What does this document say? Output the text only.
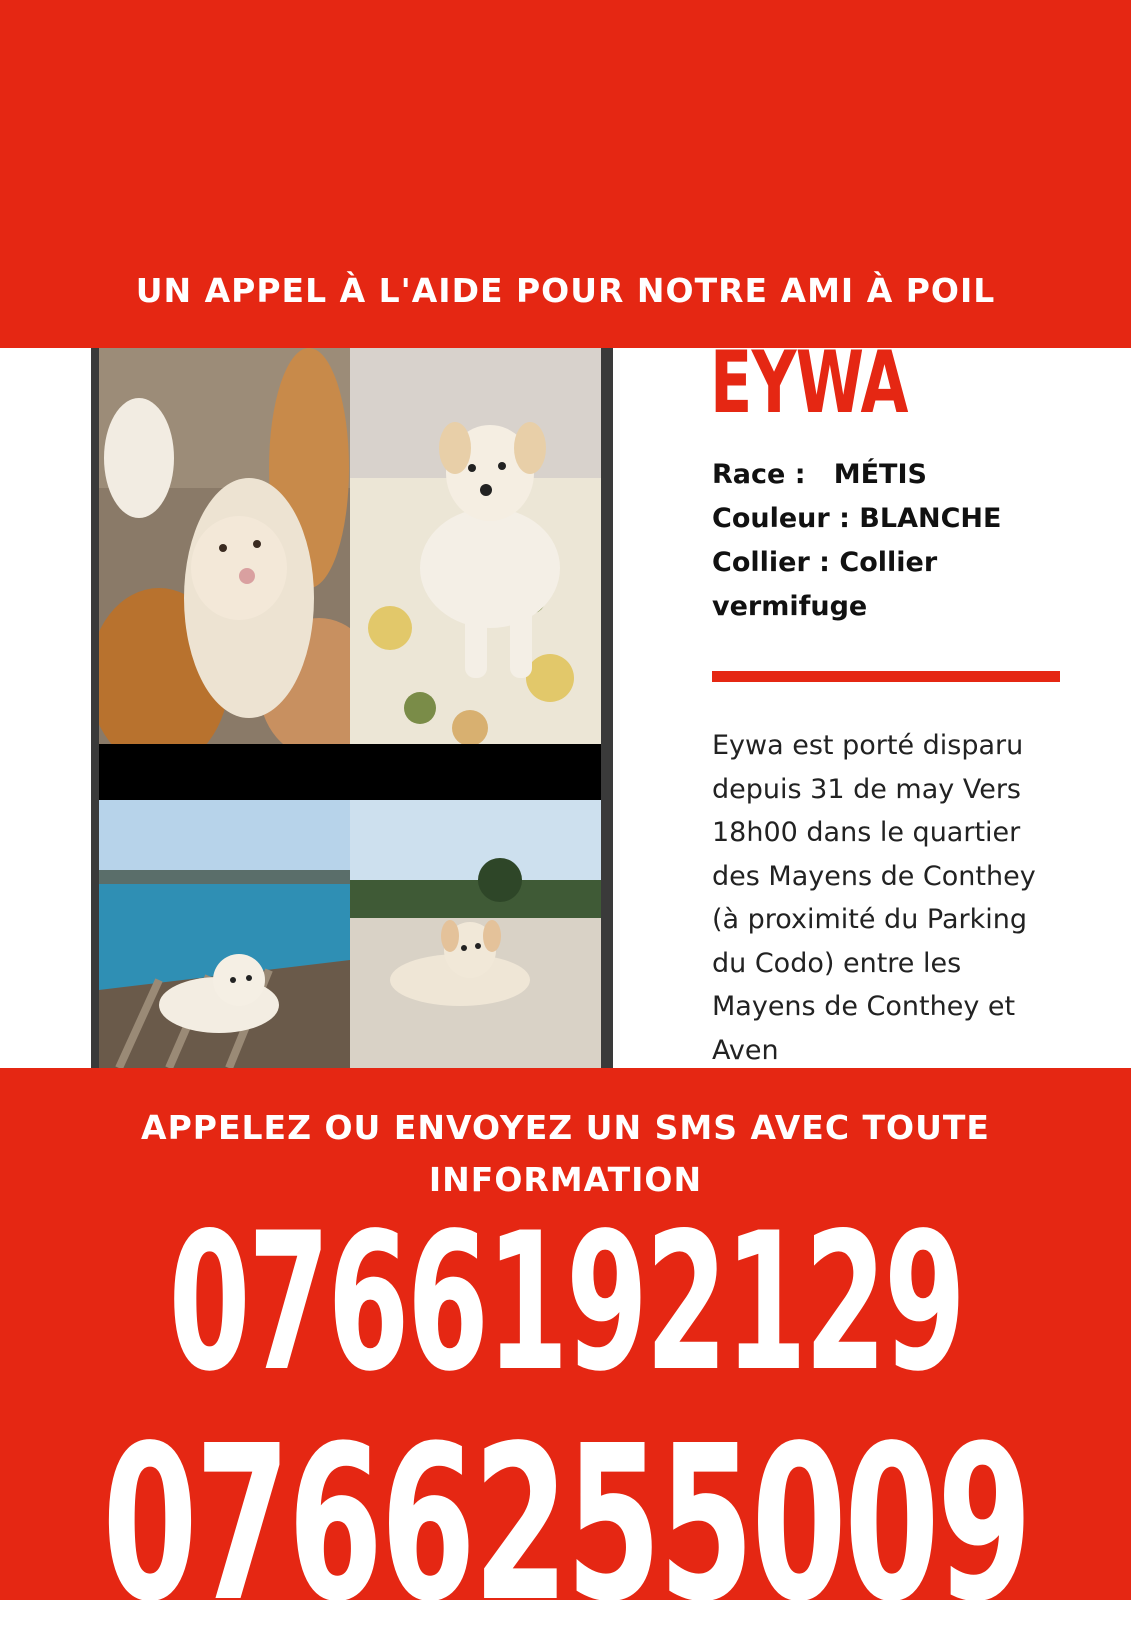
UN APPEL À L'AIDE POUR NOTRE AMI À POIL
EYWA
Race : MÉTIS
Couleur : BLANCHE
Collier : Collier
vermifuge
Eywa est porté disparu
depuis 31 de may Vers
18h00 dans le quartier
des Mayens de Conthey
(à proximité du Parking
du Codo) entre les
Mayens de Conthey et
Aven
APPELEZ OU ENVOYEZ UN SMS AVEC TOUTE
INFORMATION
0766192129
0766255009
